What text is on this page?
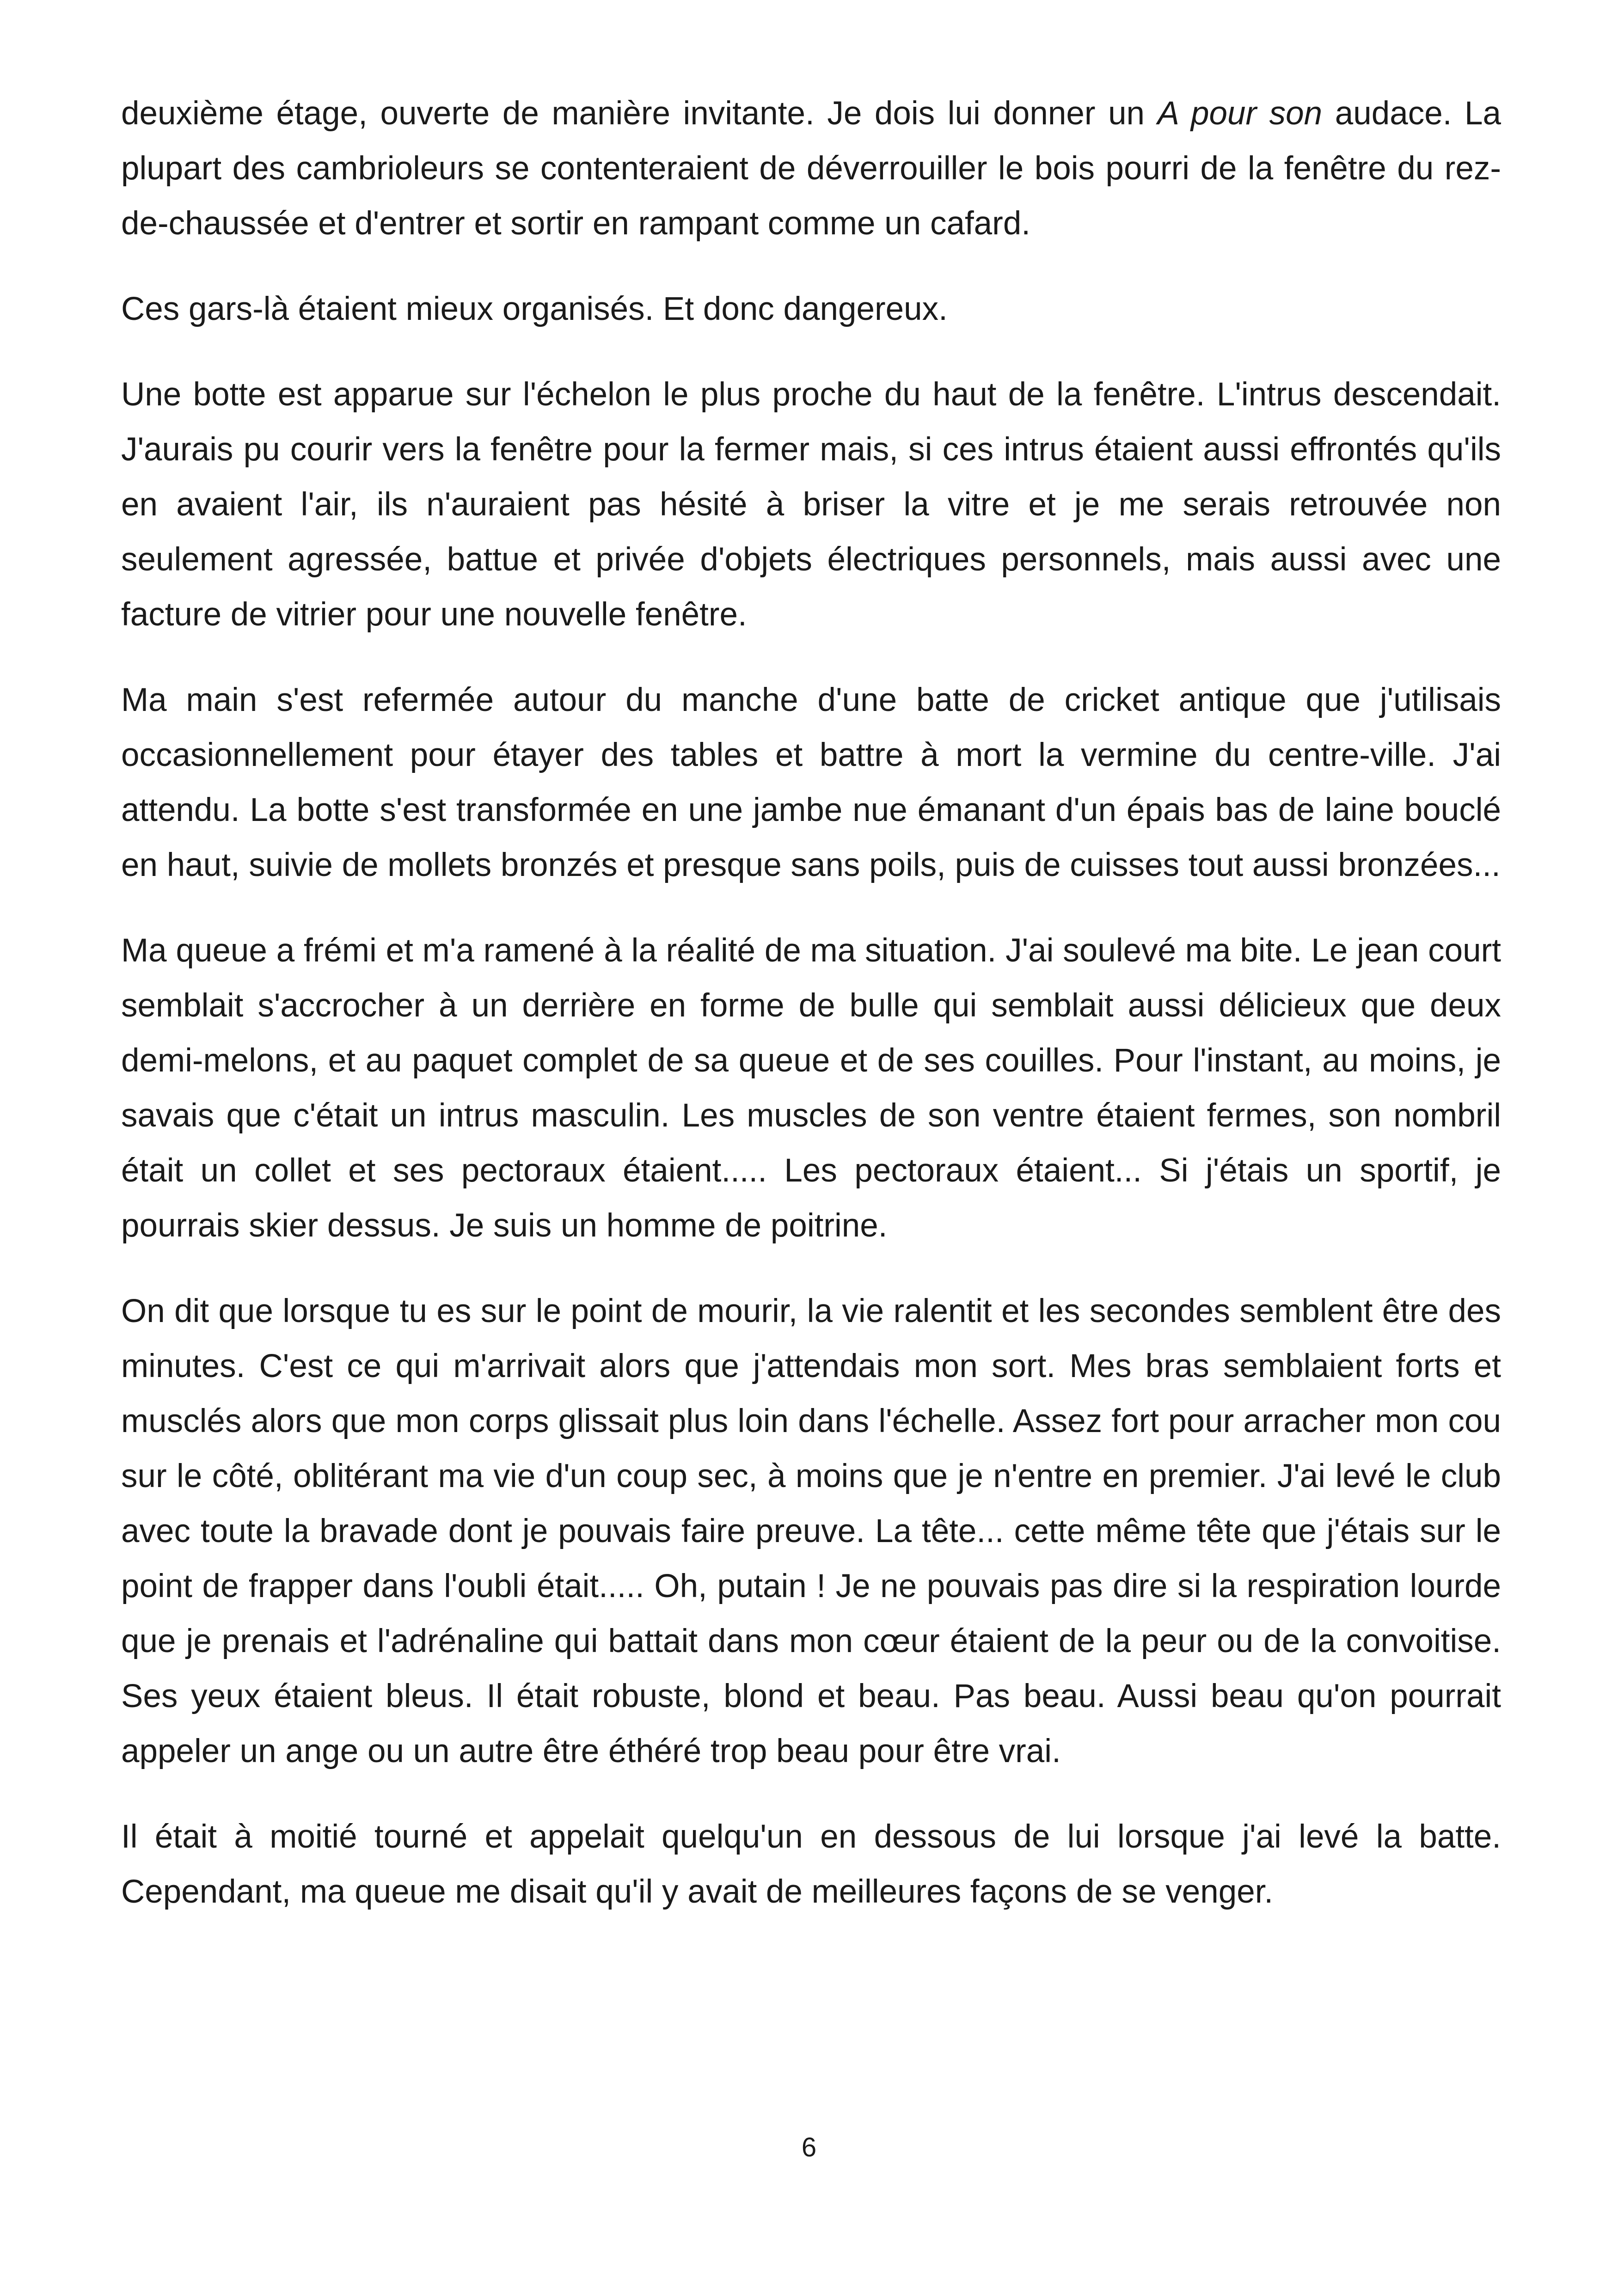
deuxième étage, ouverte de manière invitante. Je dois lui donner un A pour son audace. La plupart des cambrioleurs se contenteraient de déverrouiller le bois pourri de la fenêtre du rez-de-chaussée et d'entrer et sortir en rampant comme un cafard.

Ces gars-là étaient mieux organisés. Et donc dangereux.

Une botte est apparue sur l'échelon le plus proche du haut de la fenêtre. L'intrus descendait. J'aurais pu courir vers la fenêtre pour la fermer mais, si ces intrus étaient aussi effrontés qu'ils en avaient l'air, ils n'auraient pas hésité à briser la vitre et je me serais retrouvée non seulement agressée, battue et privée d'objets électriques personnels, mais aussi avec une facture de vitrier pour une nouvelle fenêtre.

Ma main s'est refermée autour du manche d'une batte de cricket antique que j'utilisais occasionnellement pour étayer des tables et battre à mort la vermine du centre-ville. J'ai attendu. La botte s'est transformée en une jambe nue émanant d'un épais bas de laine bouclé en haut, suivie de mollets bronzés et presque sans poils, puis de cuisses tout aussi bronzées...

Ma queue a frémi et m'a ramené à la réalité de ma situation. J'ai soulevé ma bite. Le jean court semblait s'accrocher à un derrière en forme de bulle qui semblait aussi délicieux que deux demi-melons, et au paquet complet de sa queue et de ses couilles. Pour l'instant, au moins, je savais que c'était un intrus masculin. Les muscles de son ventre étaient fermes, son nombril était un collet et ses pectoraux étaient..... Les pectoraux étaient... Si j'étais un sportif, je pourrais skier dessus. Je suis un homme de poitrine.

On dit que lorsque tu es sur le point de mourir, la vie ralentit et les secondes semblent être des minutes. C'est ce qui m'arrivait alors que j'attendais mon sort. Mes bras semblaient forts et musclés alors que mon corps glissait plus loin dans l'échelle. Assez fort pour arracher mon cou sur le côté, oblitérant ma vie d'un coup sec, à moins que je n'entre en premier. J'ai levé le club avec toute la bravade dont je pouvais faire preuve. La tête... cette même tête que j'étais sur le point de frapper dans l'oubli était..... Oh, putain ! Je ne pouvais pas dire si la respiration lourde que je prenais et l'adrénaline qui battait dans mon cœur étaient de la peur ou de la convoitise. Ses yeux étaient bleus. Il était robuste, blond et beau. Pas beau. Aussi beau qu'on pourrait appeler un ange ou un autre être éthéré trop beau pour être vrai.

Il était à moitié tourné et appelait quelqu'un en dessous de lui lorsque j'ai levé la batte. Cependant, ma queue me disait qu'il y avait de meilleures façons de se venger.

6
